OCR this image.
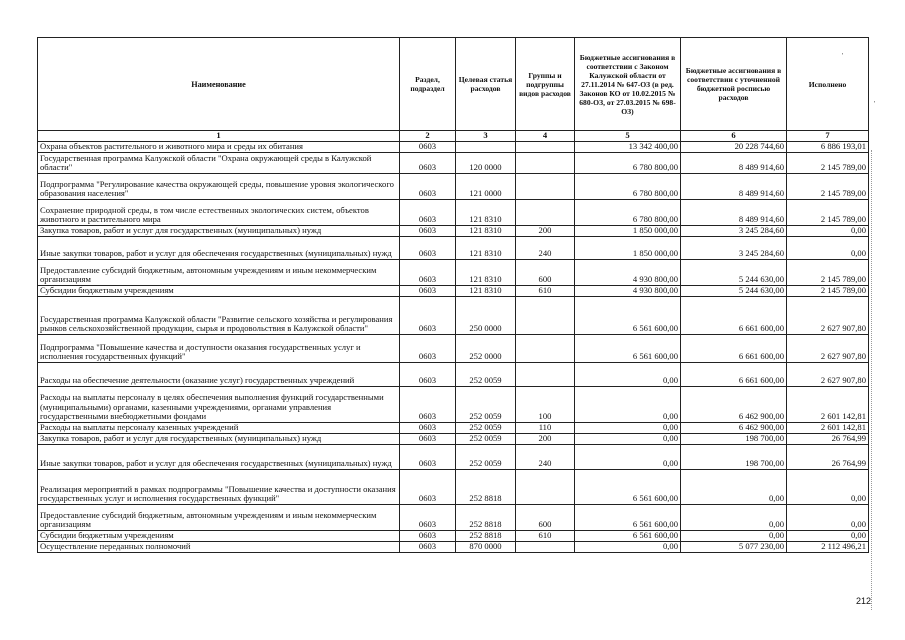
Наименование	Раздел, подраздел	Целевая статья расходов	Группы и подгруппы видов расходов	Бюджетные ассигнования в соответствии с Законом Калужской области от 27.11.2014 № 647-ОЗ (в ред. Законов КО от 10.02.2015 № 680-ОЗ, от 27.03.2015 № 698-ОЗ)	Бюджетные ассигнования в соответствии с уточненной бюджетной росписью расходов	Исполнено
1	2	3	4	5	6	7
Охрана объектов растительного и животного мира и среды их обитания	0603			13 342 400,00	20 228 744,60	6 886 193,01
Государственная программа Калужской области "Охрана окружающей среды в Калужской области"	0603	120 0000		6 780 800,00	8 489 914,60	2 145 789,00
Подпрограмма "Регулирование качества окружающей среды, повышение уровня экологического образования населения"	0603	121 0000		6 780 800,00	8 489 914,60	2 145 789,00
Сохранение природной среды, в том числе естественных экологических систем, объектов животного и растительного мира	0603	121 8310		6 780 800,00	8 489 914,60	2 145 789,00
Закупка товаров, работ и услуг для государственных (муниципальных) нужд	0603	121 8310	200	1 850 000,00	3 245 284,60	0,00
Иные закупки товаров, работ и услуг для обеспечения государственных (муниципальных) нужд	0603	121 8310	240	1 850 000,00	3 245 284,60	0,00
Предоставление субсидий бюджетным, автономным учреждениям и иным некоммерческим организациям	0603	121 8310	600	4 930 800,00	5 244 630,00	2 145 789,00
Субсидии бюджетным учреждениям	0603	121 8310	610	4 930 800,00	5 244 630,00	2 145 789,00
Государственная программа Калужской области "Развитие сельского хозяйства и регулирования рынков сельскохозяйственной продукции, сырья и продовольствия в Калужской области"	0603	250 0000		6 561 600,00	6 661 600,00	2 627 907,80
Подпрограмма "Повышение качества и доступности оказания государственных услуг и исполнения государственных функций"	0603	252 0000		6 561 600,00	6 661 600,00	2 627 907,80
Расходы на обеспечение деятельности (оказание услуг) государственных учреждений	0603	252 0059		0,00	6 661 600,00	2 627 907,80
Расходы на выплаты персоналу в целях обеспечения выполнения функций государственными (муниципальными) органами, казенными учреждениями, органами управления государственными внебюджетными фондами	0603	252 0059	100	0,00	6 462 900,00	2 601 142,81
Расходы на выплаты персоналу казенных учреждений	0603	252 0059	110	0,00	6 462 900,00	2 601 142,81
Закупка товаров, работ и услуг для государственных (муниципальных) нужд	0603	252 0059	200	0,00	198 700,00	26 764,99
Иные закупки товаров, работ и услуг для обеспечения государственных (муниципальных) нужд	0603	252 0059	240	0,00	198 700,00	26 764,99
Реализация мероприятий в рамках подпрограммы "Повышение качества и доступности оказания государственных услуг и исполнения государственных функций"	0603	252 8818		6 561 600,00	0,00	0,00
Предоставление субсидий бюджетным, автономным учреждениям и иным некоммерческим организациям	0603	252 8818	600	6 561 600,00	0,00	0,00
Субсидии бюджетным учреждениям	0603	252 8818	610	6 561 600,00	0,00	0,00
Осуществление переданных полномочий	0603	870 0000		0,00	5 077 230,00	2 112 496,21
'
'
212
